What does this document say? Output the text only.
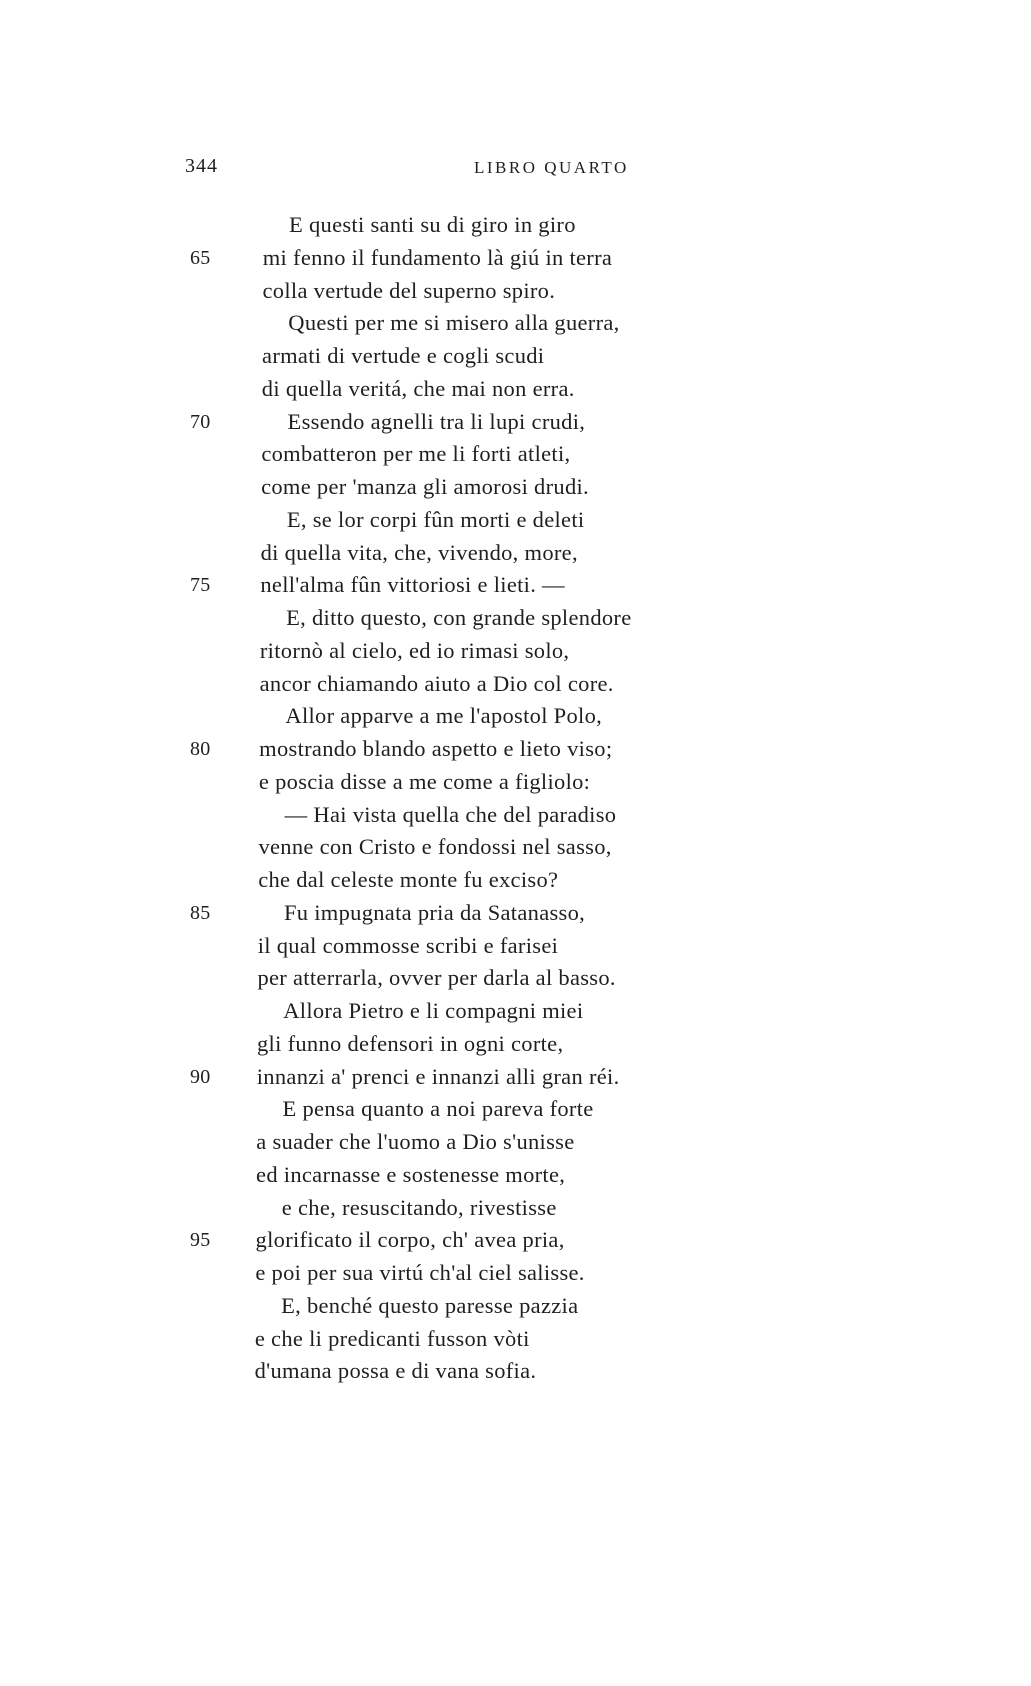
344	LIBRO QUARTO
E questi santi su di giro in giro
65 mi fenno il fundamento là giú in terra
colla vertude del superno spiro.
Questi per me si misero alla guerra,
armati di vertude e cogli scudi
di quella veritá, che mai non erra.
70	Essendo agnelli tra li lupi crudi,
combatteron per me li forti atleti,
come per 'manza gli amorosi drudi.
E, se lor corpi fûn morti e deleti
di quella vita, che, vivendo, more,
75 nell'alma fûn vittoriosi e lieti. —
E, ditto questo, con grande splendore
ritornò al cielo, ed io rimasi solo,
ancor chiamando aiuto a Dio col core.
Allor apparve a me l'apostol Polo,
80 mostrando blando aspetto e lieto viso;
e poscia disse a me come a figliolo:
— Hai vista quella che del paradiso
venne con Cristo e fondossi nel sasso,
che dal celeste monte fu exciso?
85	Fu impugnata pria da Satanasso,
il qual commosse scribi e farisei
per atterrarla, ovver per darla al basso.
Allora Pietro e li compagni miei
gli funno defensori in ogni corte,
90 innanzi a' prenci e innanzi alli gran réi.
E pensa quanto a noi pareva forte
a suader che l'uomo a Dio s'unisse
ed incarnasse e sostenesse morte,
e che, resuscitando, rivestisse
95 glorificato il corpo, ch' avea pria,
e poi per sua virtú ch'al ciel salisse.
E, benché questo paresse pazzia
e che li predicanti fusson vòti
d'umana possa e di vana sofia.
